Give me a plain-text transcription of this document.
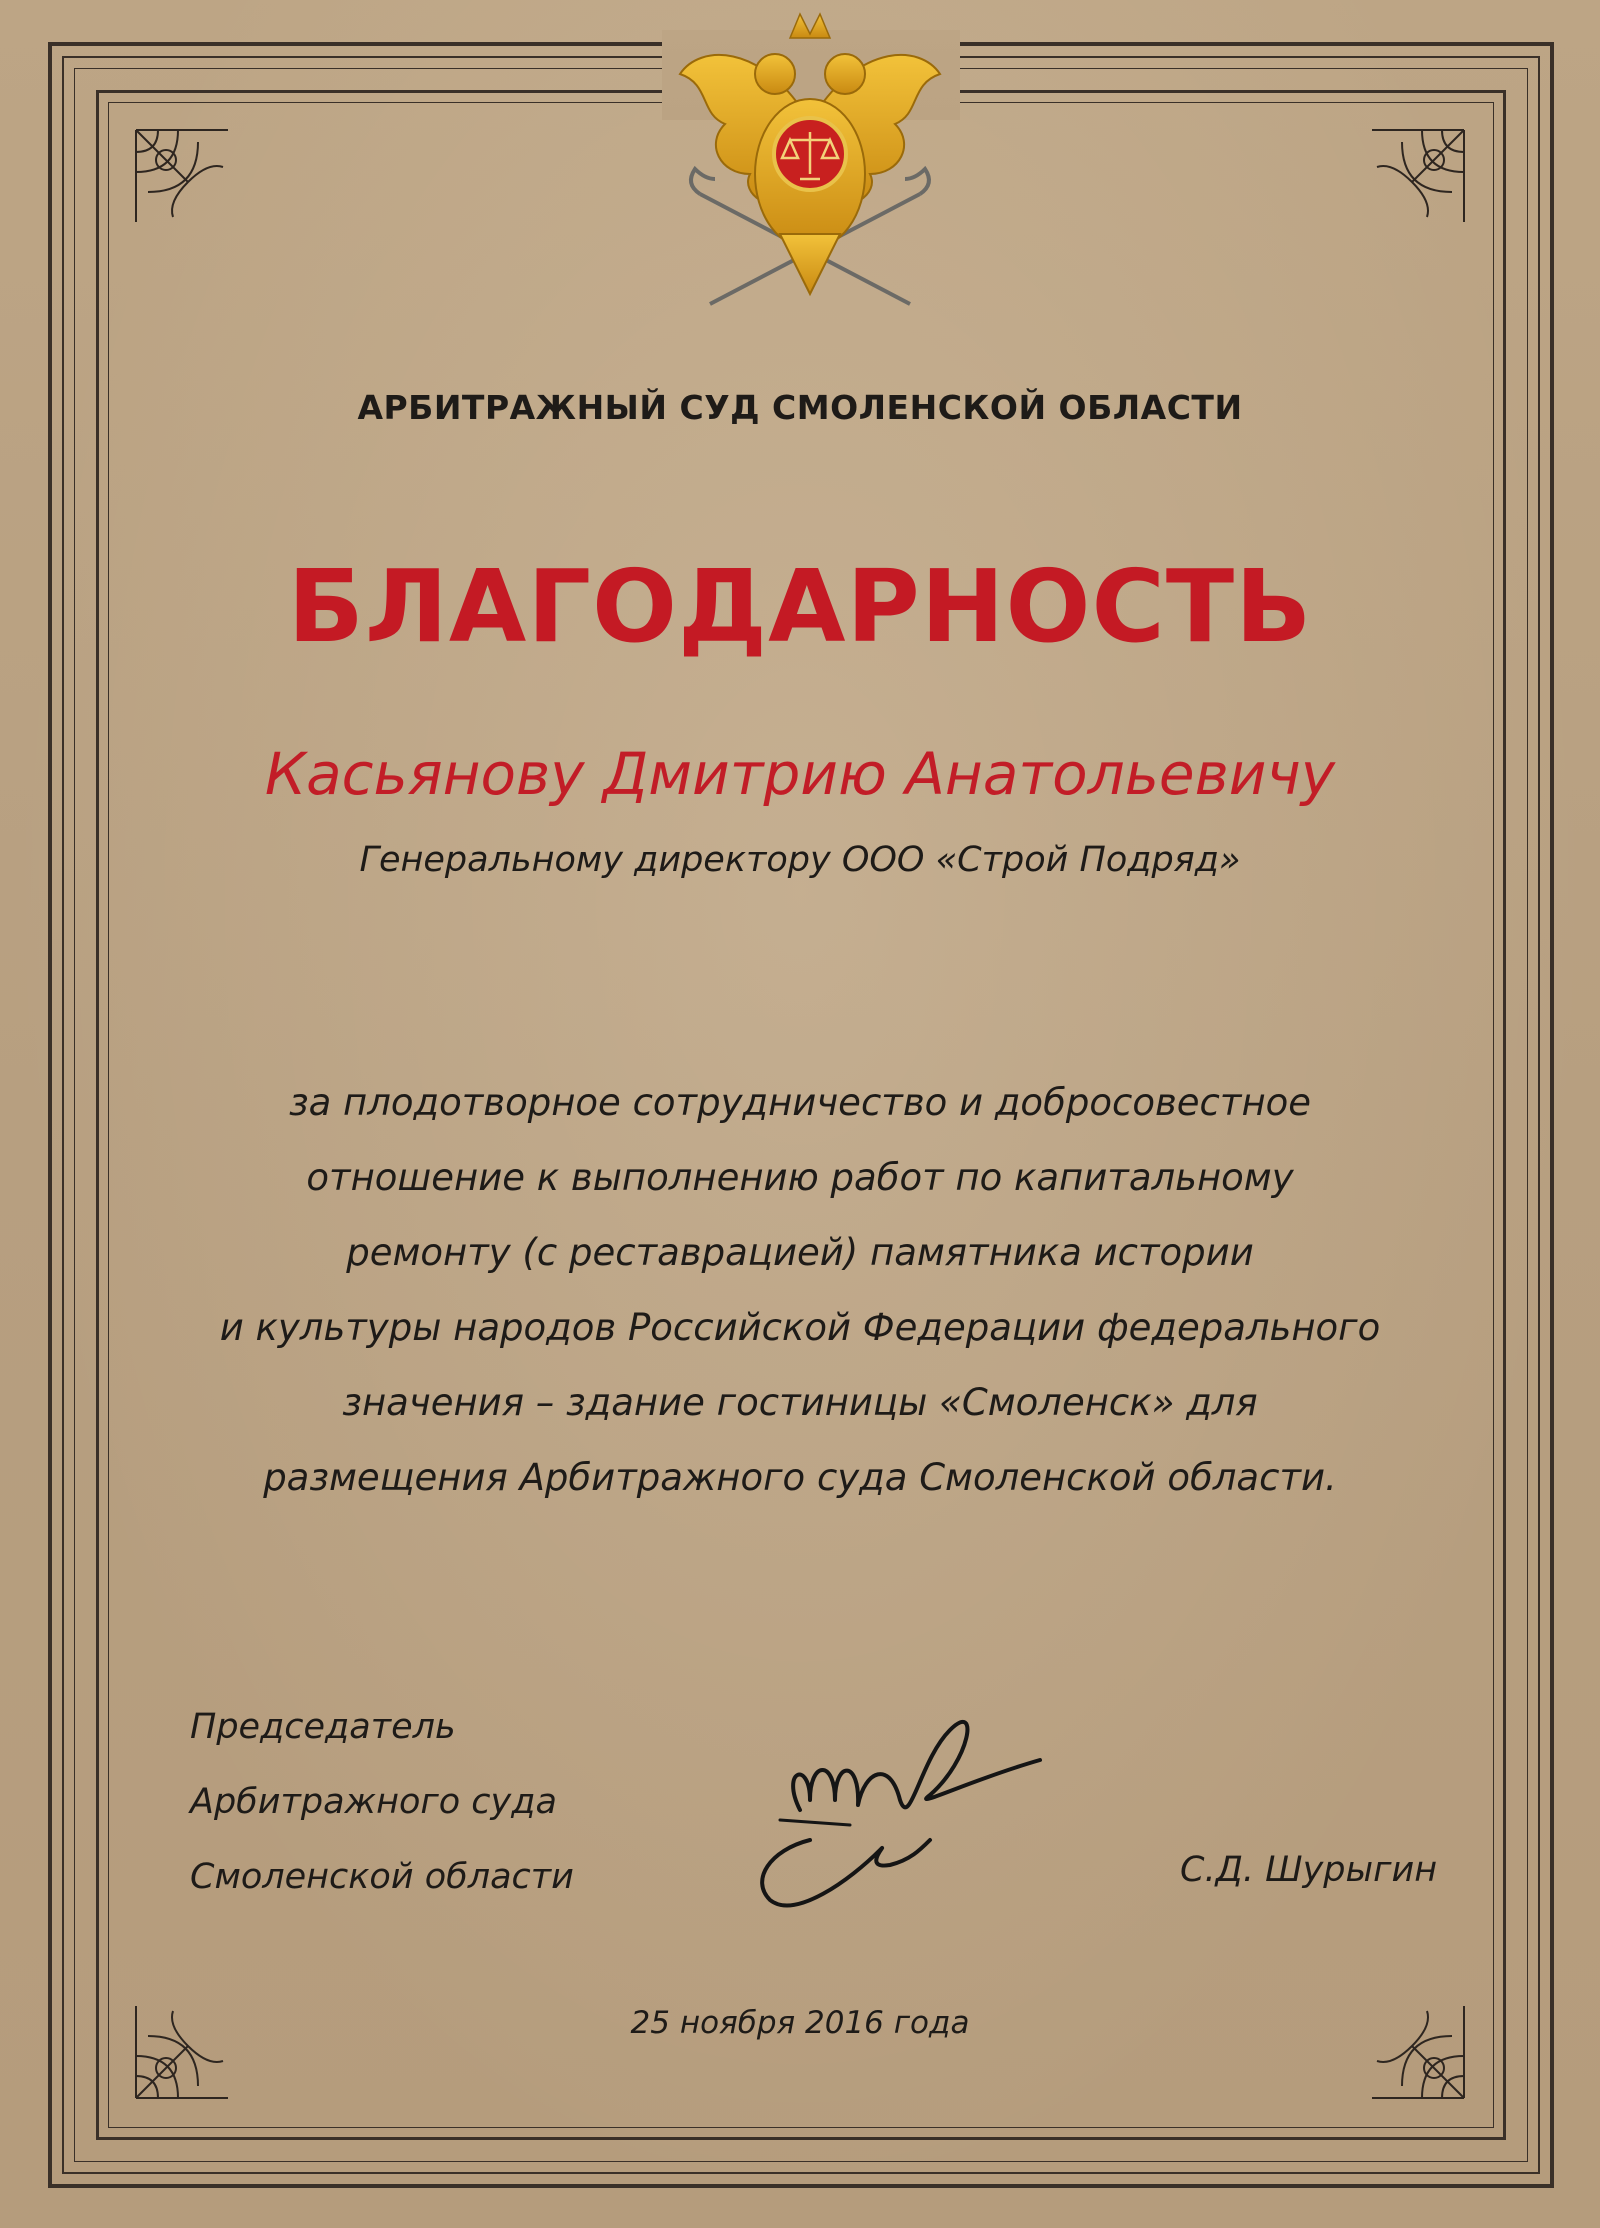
АРБИТРАЖНЫЙ СУД СМОЛЕНСКОЙ ОБЛАСТИ
БЛАГОДАРНОСТЬ
Касьянову Дмитрию Анатольевичу
Генеральному директору ООО «Строй Подряд»
за плодотворное сотрудничество и добросовестное
отношение к выполнению работ по капитальному
ремонту (с реставрацией) памятника истории
и культуры народов Российской Федерации федерального
значения – здание гостиницы «Смоленск» для
размещения Арбитражного суда Смоленской области.
Председатель
Арбитражного суда
Смоленской области	С.Д. Шурыгин
25 ноября 2016 года
